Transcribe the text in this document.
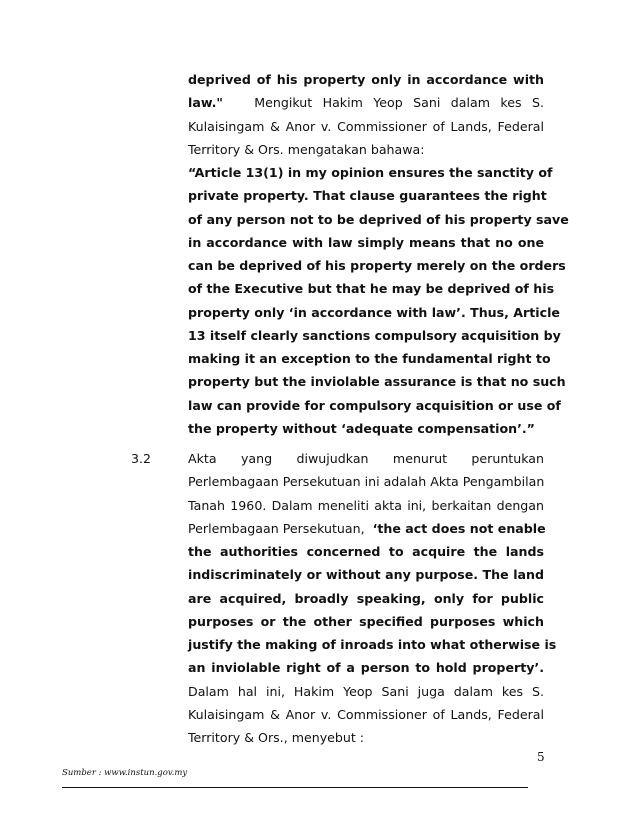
deprived of his property only in accordance with
law."   Mengikut Hakim Yeop Sani dalam kes S.
Kulaisingam & Anor v. Commissioner of Lands, Federal
Territory & Ors. mengatakan bahawa:
“Article 13(1) in my opinion ensures the sanctity of
private property. That clause guarantees the right
of any person not to be deprived of his property save
in accordance with law simply means that no one
can be deprived of his property merely on the orders
of the Executive but that he may be deprived of his
property only ‘in accordance with law’. Thus, Article
13 itself clearly sanctions compulsory acquisition by
making it an exception to the fundamental right to
property but the inviolable assurance is that no such
law can provide for compulsory acquisition or use of
the property without ‘adequate compensation’.”
3.2	Akta yang diwujudkan menurut peruntukan
Perlembagaan Persekutuan ini adalah Akta Pengambilan
Tanah 1960. Dalam meneliti akta ini, berkaitan dengan
Perlembagaan Persekutuan,  ‘the act does not enable
the authorities concerned to acquire the lands
indiscriminately or without any purpose. The land
are acquired, broadly speaking, only for public
purposes or the other specified purposes which
justify the making of inroads into what otherwise is
an inviolable right of a person to hold property’.
Dalam hal ini, Hakim Yeop Sani juga dalam kes S.
Kulaisingam & Anor v. Commissioner of Lands, Federal
Territory & Ors., menyebut :
5
Sumber : www.instun.gov.my
